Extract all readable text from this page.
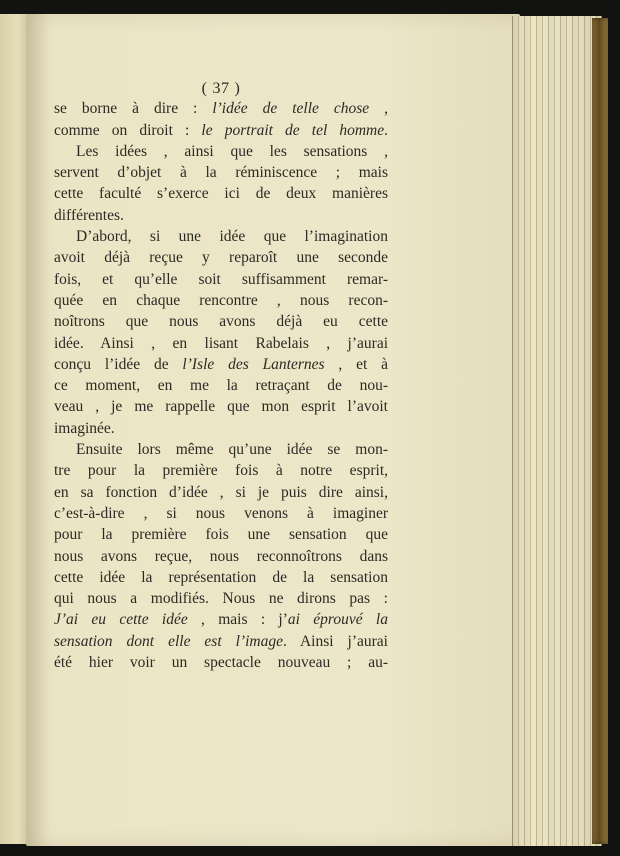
( 37 )
se borne à dire : l’idée de telle chose ,
comme on diroit : le portrait de tel homme.
Les idées , ainsi que les sensations ,
servent d’objet à la réminiscence ; mais
cette faculté s’exerce ici de deux manières
différentes.
D’abord, si une idée que l’imagination
avoit déjà reçue y reparoît une seconde
fois, et qu’elle soit suffisamment remar-
quée en chaque rencontre , nous recon-
noîtrons que nous avons déjà eu cette
idée. Ainsi , en lisant Rabelais , j’aurai
conçu l’idée de l’Isle des Lanternes , et à
ce moment, en me la retraçant de nou-
veau , je me rappelle que mon esprit l’avoit
imaginée.
Ensuite lors même qu’une idée se mon-
tre pour la première fois à notre esprit,
en sa fonction d’idée , si je puis dire ainsi,
c’est-à-dire , si nous venons à imaginer
pour la première fois une sensation que
nous avons reçue, nous reconnoîtrons dans
cette idée la représentation de la sensation
qui nous a modifiés. Nous ne dirons pas :
J’ai eu cette idée , mais : j’ai éprouvé la
sensation dont elle est l’image. Ainsi j’aurai
été hier voir un spectacle nouveau ; au-
